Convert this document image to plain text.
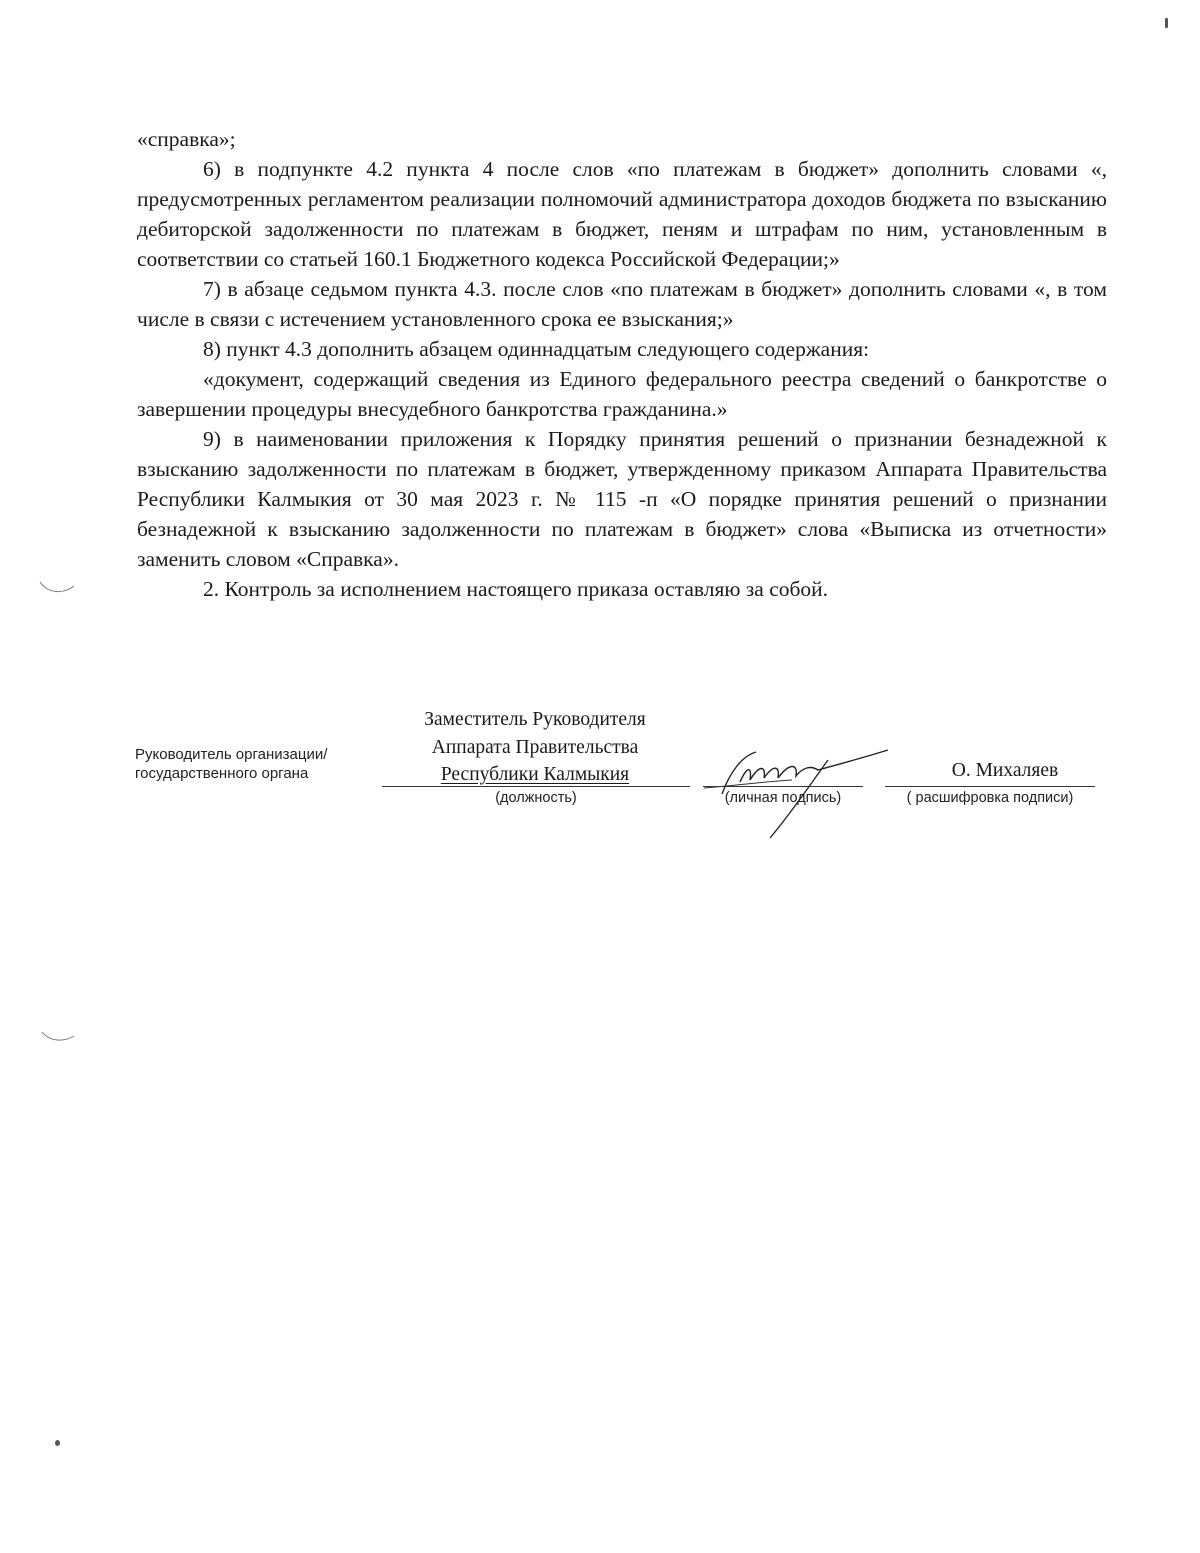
«справка»;

6) в подпункте 4.2 пункта 4 после слов «по платежам в бюджет» дополнить словами «, предусмотренных регламентом реализации полномочий администратора доходов бюджета по взысканию дебиторской задолженности по платежам в бюджет, пеням и штрафам по ним, установленным в соответствии со статьей 160.1 Бюджетного кодекса Российской Федерации;»

7) в абзаце седьмом пункта 4.3. после слов «по платежам в бюджет» дополнить словами «, в том числе в связи с истечением установленного срока ее взыскания;»

8) пункт 4.3 дополнить абзацем одиннадцатым следующего содержания:

«документ, содержащий сведения из Единого федерального реестра сведений о банкротстве о завершении процедуры внесудебного банкротства гражданина.»

9) в наименовании приложения к Порядку принятия решений о признании безнадежной к взысканию задолженности по платежам в бюджет, утвержденному приказом Аппарата Правительства Республики Калмыкия от 30 мая 2023 г. № 115 -п «О порядке принятия решений о признании безнадежной к взысканию задолженности по платежам в бюджет» слова «Выписка из отчетности» заменить словом «Справка».

2. Контроль за исполнением настоящего приказа оставляю за собой.

Руководитель организации/
государственного органа
Заместитель Руководителя
Аппарата Правительства
Республики Калмыкия
(должность)	(личная подпись)
О. Михаляев
( расшифровка подписи)
